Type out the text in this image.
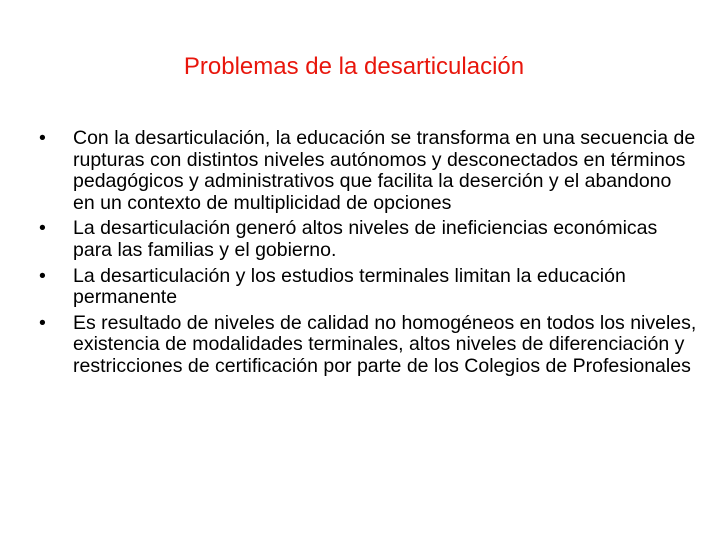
Problemas de la desarticulación
• Con la desarticulación, la educación se transforma en una secuencia de rupturas con distintos niveles autónomos y desconectados en términos pedagógicos y administrativos que facilita la deserción y el abandono en un contexto de multiplicidad de opciones
• La desarticulación generó altos niveles de ineficiencias económicas para las familias y el gobierno.
• La desarticulación y los estudios terminales limitan la educación permanente
• Es resultado de niveles de calidad no homogéneos en todos los niveles, existencia de modalidades terminales, altos niveles de diferenciación y restricciones de certificación por parte de los Colegios de Profesionales
